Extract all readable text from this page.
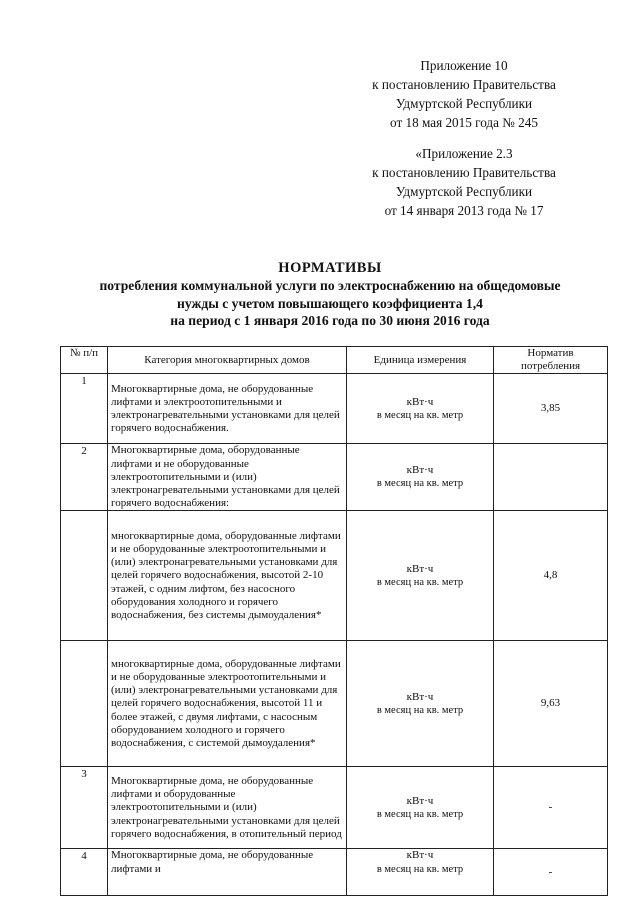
Приложение 10
к постановлению Правительства
Удмуртской Республики
от 18 мая 2015 года № 245
«Приложение 2.3
к постановлению Правительства
Удмуртской Республики
от 14 января 2013 года № 17
НОРМАТИВЫ
потребления коммунальной услуги по электроснабжению на общедомовые
нужды с учетом повышающего коэффициента 1,4
на период с 1 января 2016 года по 30 июня 2016 года
№ п/п	Категория многоквартирных домов	Единица измерения	Норматив потребления
1	Многоквартирные дома, не оборудованные лифтами и электроотопительными и электронагревательными установками для целей горячего водоснабжения.	кВт·ч
в месяц на кв. метр	3,85
2	Многоквартирные дома, оборудованные лифтами и не оборудованные электроотопительными и (или) электронагревательными установками для целей горячего водоснабжения:	кВт·ч
в месяц на кв. метр	

	многоквартирные дома, оборудованные лифтами и не оборудованные электроотопительными и (или) электронагревательными установками для целей горячего водоснабжения, высотой 2-10 этажей, с одним лифтом, без насосного оборудования холодного и горячего водоснабжения, без системы дымоудаления*	кВт·ч
в месяц на кв. метр	4,8
	многоквартирные дома, оборудованные лифтами и не оборудованные электроотопительными и (или) электронагревательными установками для целей горячего водоснабжения, высотой 11 и более этажей, с двумя лифтами, с насосным оборудованием холодного и горячего водоснабжения, с системой дымоудаления*	кВт·ч
в месяц на кв. метр	9,63
3	Многоквартирные дома, не оборудованные лифтами и оборудованные электроотопительными и (или) электронагревательными установками для целей горячего водоснабжения, в отопительный период	кВт·ч
в месяц на кв. метр	-
4	Многоквартирные дома, не оборудованные лифтами и	кВт·ч
в месяц на кв. метр	-
